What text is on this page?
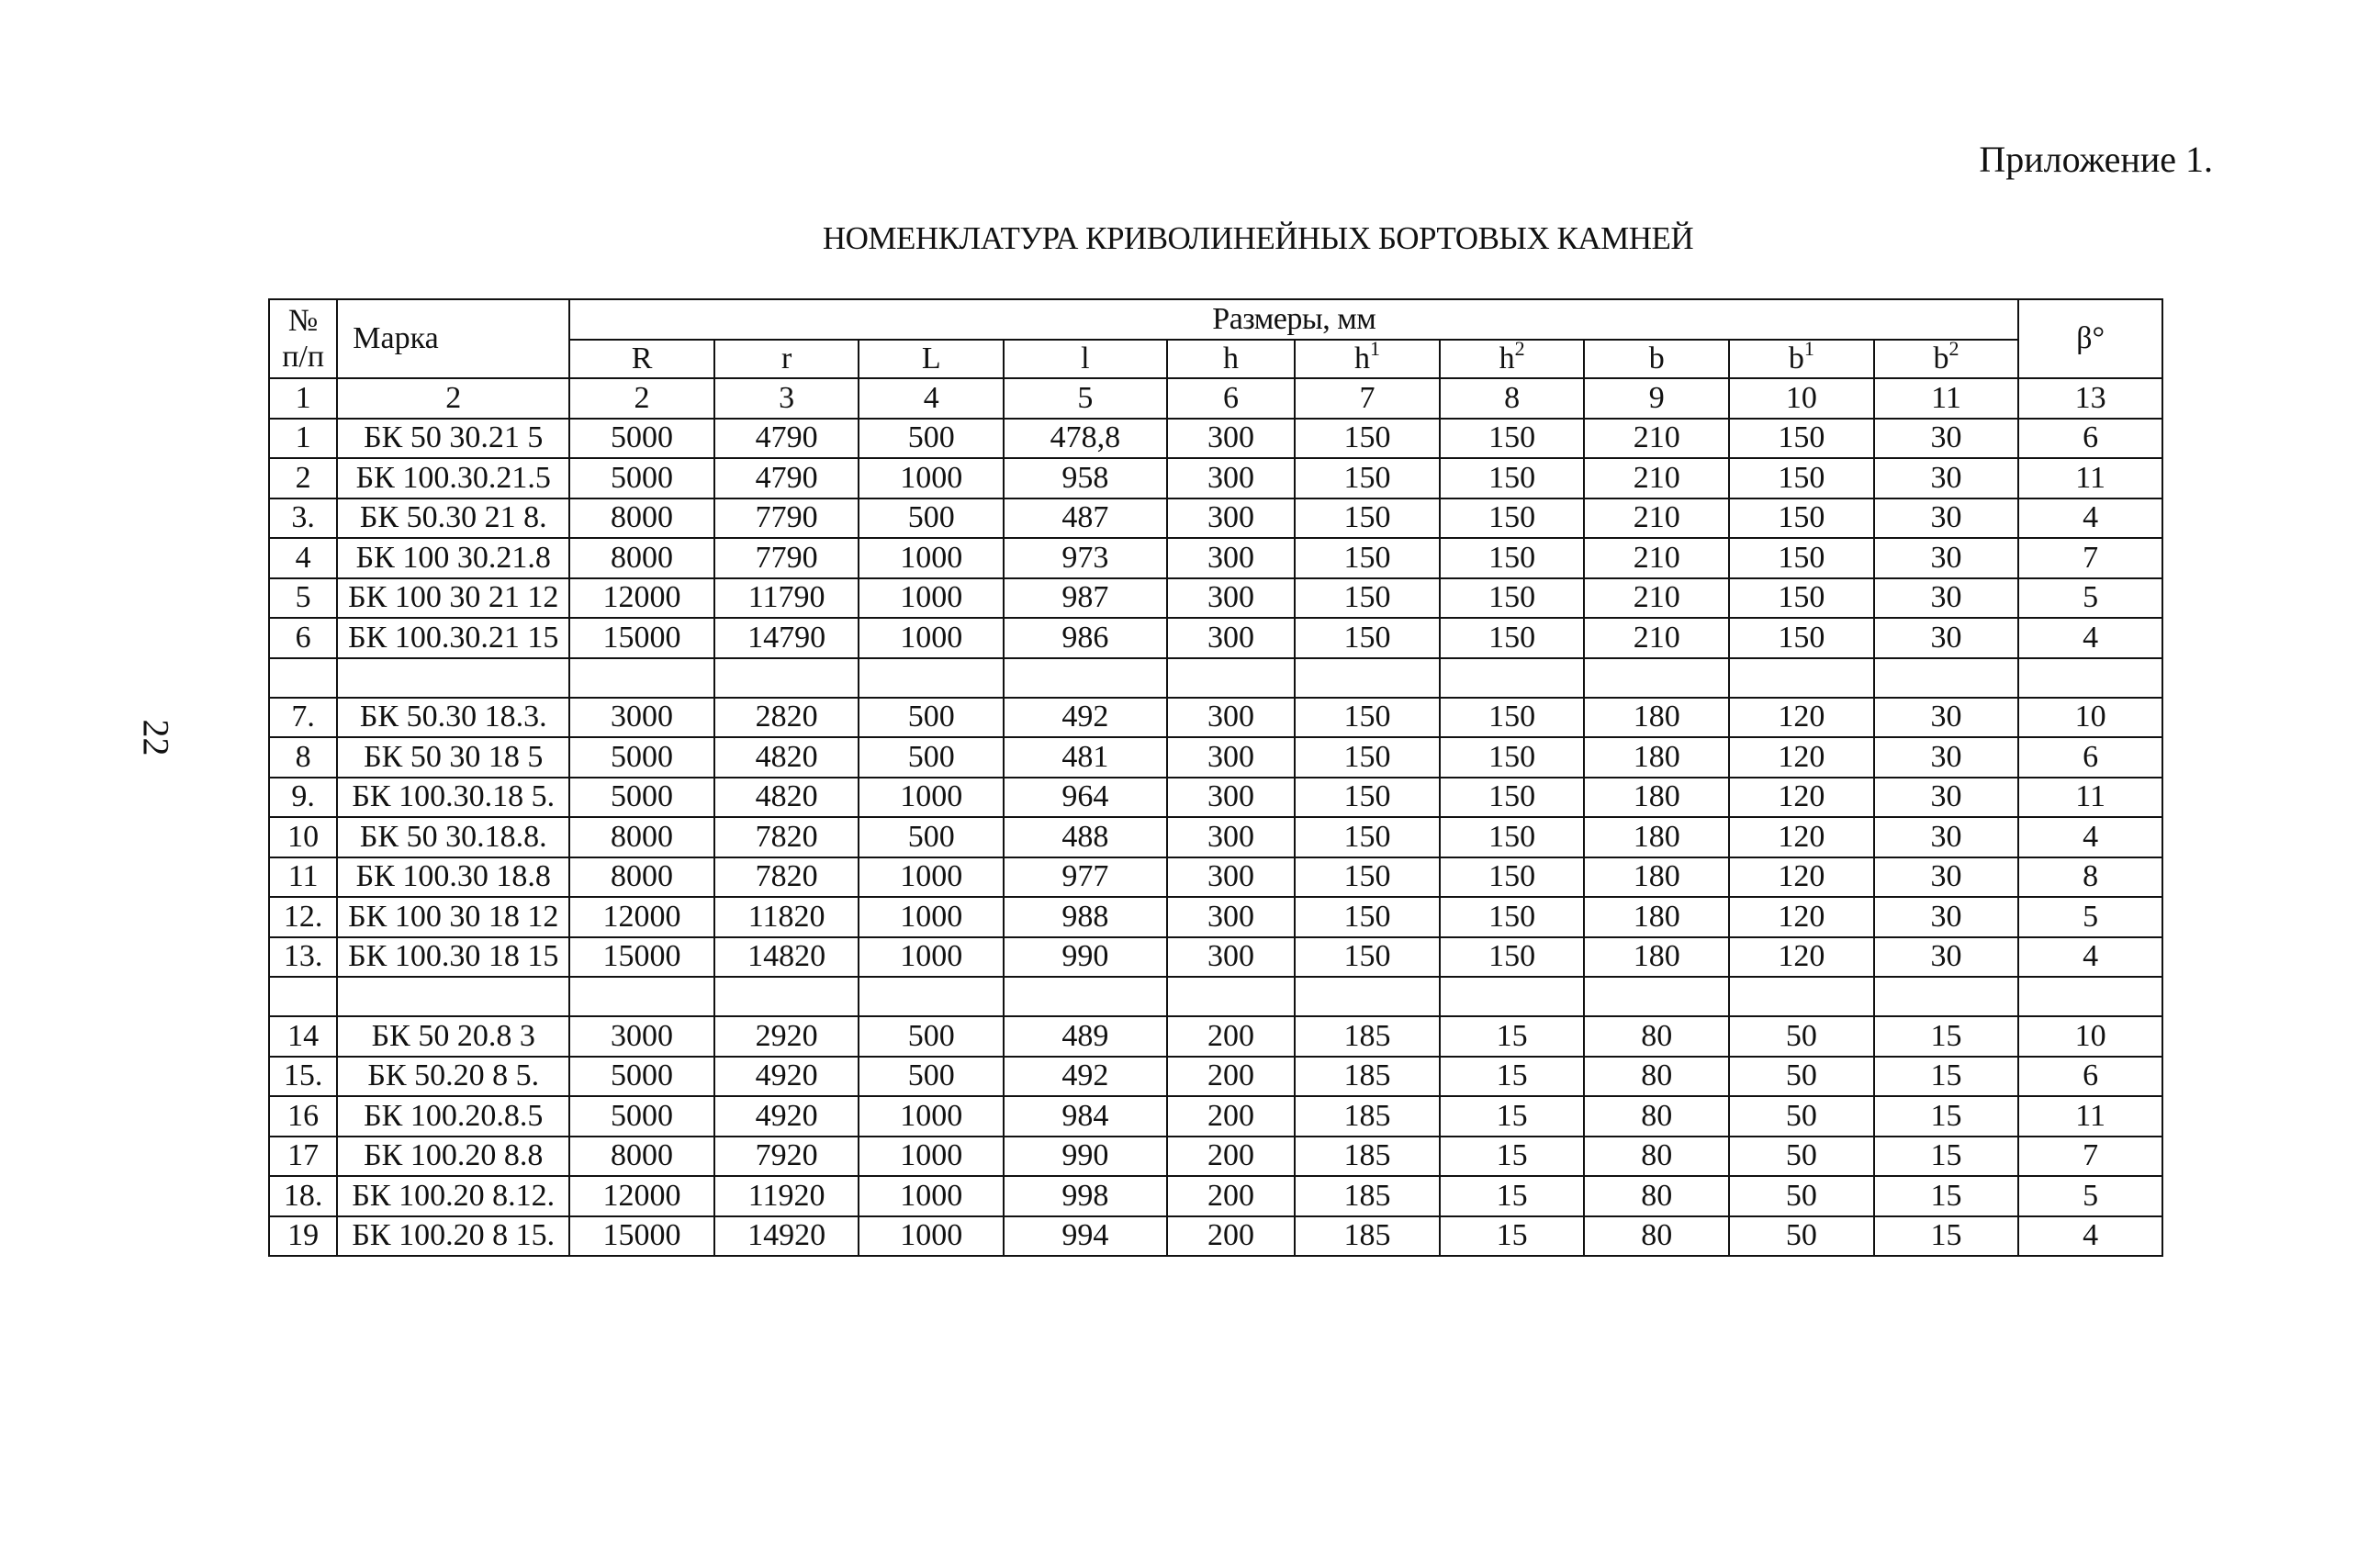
Приложение 1.
НОМЕНКЛАТУРА КРИВОЛИНЕЙНЫХ БОРТОВЫХ КАМНЕЙ
22
№
п/п	Марка	Размеры, мм										β°
		R	r	L	l	h	$h^1$	$h^2$	b	$b^1$	$b^2$
1	2	2	3	4	5	6	7	8	9	10	11	13
1	БК 50 30.21 5	5000	4790	500	478,8	300	150	150	210	150	30	6
2	БК 100.30.21.5	5000	4790	1000	958	300	150	150	210	150	30	11
3.	БК 50.30 21 8.	8000	7790	500	487	300	150	150	210	150	30	4
4	БК 100 30.21.8	8000	7790	1000	973	300	150	150	210	150	30	7
5	БК 100 30 21 12	12000	11790	1000	987	300	150	150	210	150	30	5
6	БК 100.30.21 15	15000	14790	1000	986	300	150	150	210	150	30	4

7.	БК 50.30 18.3.	3000	2820	500	492	300	150	150	180	120	30	10
8	БК 50 30 18 5	5000	4820	500	481	300	150	150	180	120	30	6
9.	БК 100.30.18 5.	5000	4820	1000	964	300	150	150	180	120	30	11
10	БК 50 30.18.8.	8000	7820	500	488	300	150	150	180	120	30	4
11	БК 100.30 18.8	8000	7820	1000	977	300	150	150	180	120	30	8
12.	БК 100 30 18 12	12000	11820	1000	988	300	150	150	180	120	30	5
13.	БК 100.30 18 15	15000	14820	1000	990	300	150	150	180	120	30	4

14	БК 50 20.8 3	3000	2920	500	489	200	185	15	80	50	15	10
15.	БК 50.20 8 5.	5000	4920	500	492	200	185	15	80	50	15	6
16	БК 100.20.8.5	5000	4920	1000	984	200	185	15	80	50	15	11
17	БК 100.20 8.8	8000	7920	1000	990	200	185	15	80	50	15	7
18.	БК 100.20 8.12.	12000	11920	1000	998	200	185	15	80	50	15	5
19	БК 100.20 8 15.	15000	14920	1000	994	200	185	15	80	50	15	4
